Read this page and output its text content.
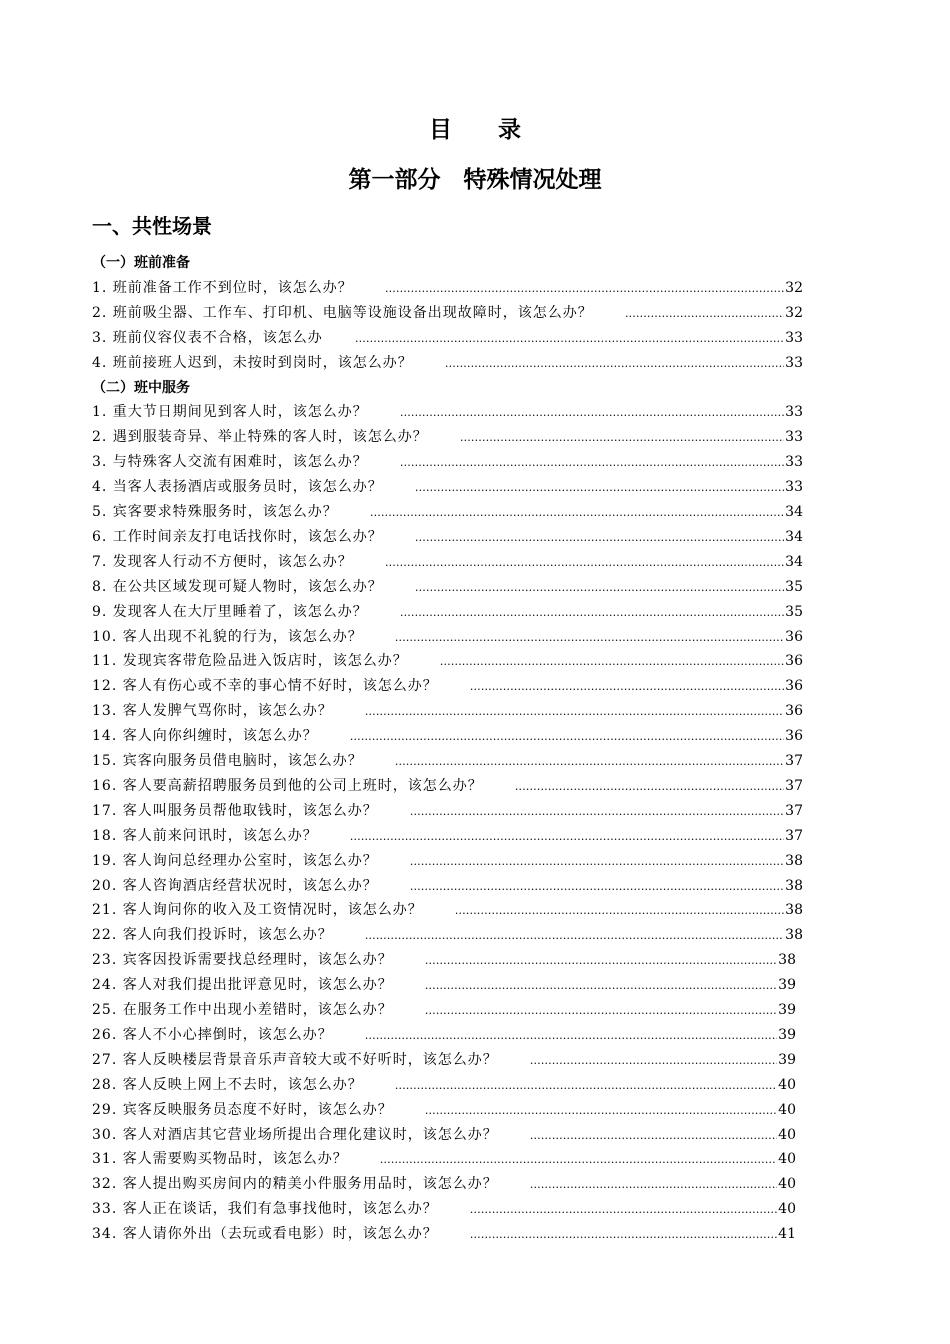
目录
第一部分　特殊情况处理
一、共性场景
（一）班前准备
1. 班前准备工作不到位时，该怎么办？ …………………………………………………………………………………………………………………………………………………………………………………………………………	32
2. 班前吸尘器、工作车、打印机、电脑等设施设备出现故障时，该怎么办？ …………………………………………………………………………………………………………………………………………………………………………………………………………	32
3. 班前仪容仪表不合格，该怎么办 …………………………………………………………………………………………………………………………………………………………………………………………………………	33
4. 班前接班人迟到，未按时到岗时，该怎么办？ …………………………………………………………………………………………………………………………………………………………………………………………………………	33
（二）班中服务
1. 重大节日期间见到客人时，该怎么办？ …………………………………………………………………………………………………………………………………………………………………………………………………………	33
2. 遇到服装奇异、举止特殊的客人时，该怎么办？ …………………………………………………………………………………………………………………………………………………………………………………………………………	33
3. 与特殊客人交流有困难时，该怎么办？ …………………………………………………………………………………………………………………………………………………………………………………………………………	33
4. 当客人表扬酒店或服务员时，该怎么办？ …………………………………………………………………………………………………………………………………………………………………………………………………………	33
5. 宾客要求特殊服务时，该怎么办？ …………………………………………………………………………………………………………………………………………………………………………………………………………	34
6. 工作时间亲友打电话找你时，该怎么办？ …………………………………………………………………………………………………………………………………………………………………………………………………………	34
7. 发现客人行动不方便时，该怎么办？ …………………………………………………………………………………………………………………………………………………………………………………………………………	34
8. 在公共区域发现可疑人物时，该怎么办？ …………………………………………………………………………………………………………………………………………………………………………………………………………	35
9. 发现客人在大厅里睡着了，该怎么办？ …………………………………………………………………………………………………………………………………………………………………………………………………………	35
10. 客人出现不礼貌的行为，该怎么办？ …………………………………………………………………………………………………………………………………………………………………………………………………………	36
11. 发现宾客带危险品进入饭店时，该怎么办？ …………………………………………………………………………………………………………………………………………………………………………………………………………	36
12. 客人有伤心或不幸的事心情不好时，该怎么办？ …………………………………………………………………………………………………………………………………………………………………………………………………………	36
13. 客人发脾气骂你时，该怎么办？ …………………………………………………………………………………………………………………………………………………………………………………………………………	36
14. 客人向你纠缠时，该怎么办？ …………………………………………………………………………………………………………………………………………………………………………………………………………	36
15. 宾客向服务员借电脑时，该怎么办？ …………………………………………………………………………………………………………………………………………………………………………………………………………	37
16. 客人要高薪招聘服务员到他的公司上班时，该怎么办？ …………………………………………………………………………………………………………………………………………………………………………………………………………	37
17. 客人叫服务员帮他取钱时，该怎么办？ …………………………………………………………………………………………………………………………………………………………………………………………………………	37
18. 客人前来问讯时，该怎么办？ …………………………………………………………………………………………………………………………………………………………………………………………………………	37
19. 客人询问总经理办公室时，该怎么办？ …………………………………………………………………………………………………………………………………………………………………………………………………………	38
20. 客人咨询酒店经营状况时，该怎么办？ …………………………………………………………………………………………………………………………………………………………………………………………………………	38
21. 客人询问你的收入及工资情况时，该怎么办？ …………………………………………………………………………………………………………………………………………………………………………………………………………	38
22. 客人向我们投诉时，该怎么办？ …………………………………………………………………………………………………………………………………………………………………………………………………………	38
23. 宾客因投诉需要找总经理时，该怎么办？ …………………………………………………………………………………………………………………………………………………………………………………………………………	38
24. 客人对我们提出批评意见时，该怎么办？ …………………………………………………………………………………………………………………………………………………………………………………………………………	39
25. 在服务工作中出现小差错时，该怎么办？ …………………………………………………………………………………………………………………………………………………………………………………………………………	39
26. 客人不小心摔倒时，该怎么办？ …………………………………………………………………………………………………………………………………………………………………………………………………………	39
27. 客人反映楼层背景音乐声音较大或不好听时，该怎么办？ …………………………………………………………………………………………………………………………………………………………………………………………………………	39
28. 客人反映上网上不去时，该怎么办？ …………………………………………………………………………………………………………………………………………………………………………………………………………	40
29. 宾客反映服务员态度不好时，该怎么办？ …………………………………………………………………………………………………………………………………………………………………………………………………………	40
30. 客人对酒店其它营业场所提出合理化建议时，该怎么办？ …………………………………………………………………………………………………………………………………………………………………………………………………………	40
31. 客人需要购买物品时，该怎么办？ …………………………………………………………………………………………………………………………………………………………………………………………………………	40
32. 客人提出购买房间内的精美小件服务用品时，该怎么办？ …………………………………………………………………………………………………………………………………………………………………………………………………………	40
33. 客人正在谈话，我们有急事找他时，该怎么办？ …………………………………………………………………………………………………………………………………………………………………………………………………………	40
34. 客人请你外出（去玩或看电影）时，该怎么办？ …………………………………………………………………………………………………………………………………………………………………………………………………………	41
